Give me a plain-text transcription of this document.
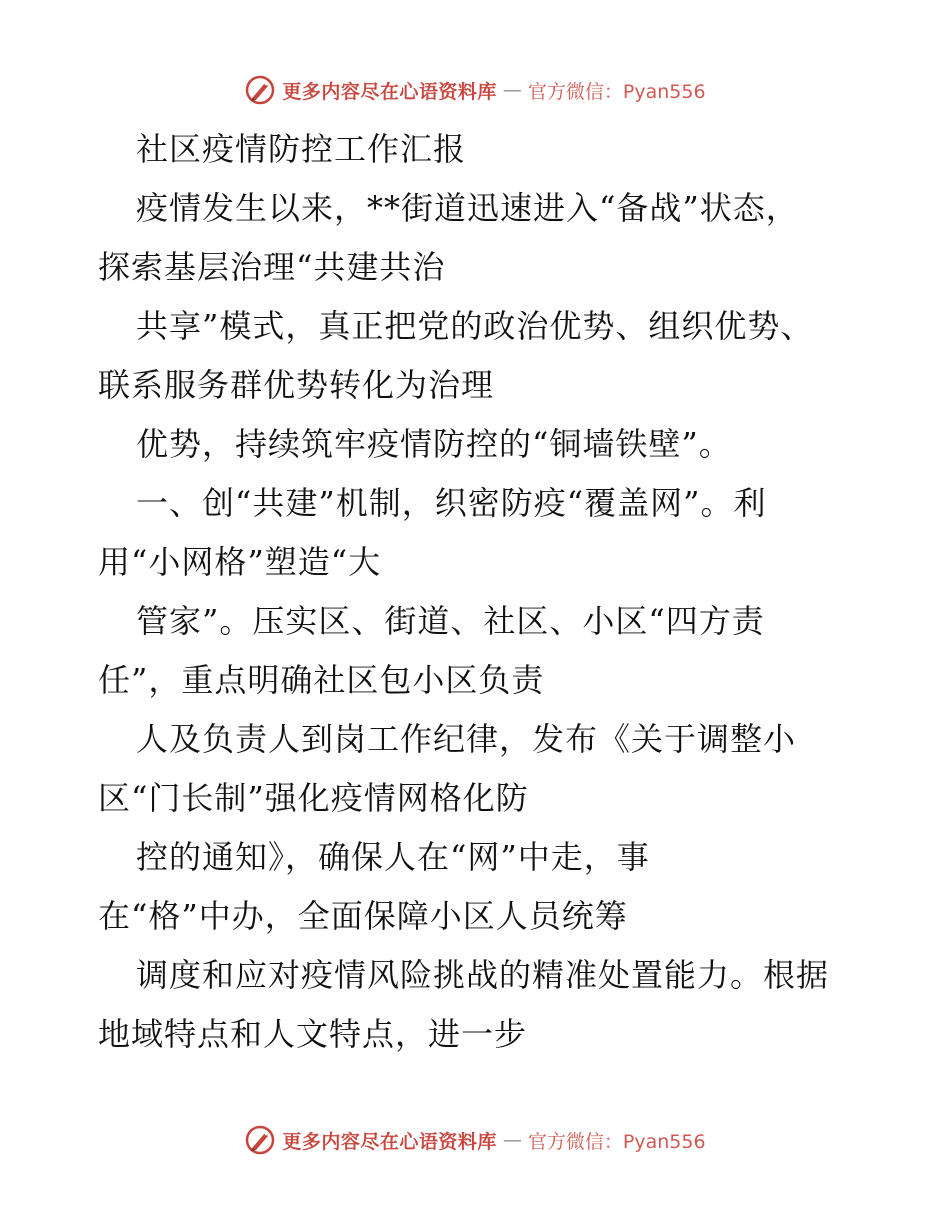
更多内容尽在心语资料库 — 官方微信：Pyan556
社区疫情防控工作汇报
疫情发生以来，**街道迅速进入“备战”状态，
探索基层治理“共建共治
共享”模式，真正把党的政治优势、组织优势、
联系服务群优势转化为治理
优势，持续筑牢疫情防控的“铜墙铁壁”。
一、创“共建”机制，织密防疫“覆盖网”。利
用“小网格”塑造“大
管家”。压实区、街道、社区、小区“四方责
任”，重点明确社区包小区负责
人及负责人到岗工作纪律，发布《关于调整小
区“门长制”强化疫情网格化防
控的通知》，确保人在“网”中走，事
在“格”中办，全面保障小区人员统筹
调度和应对疫情风险挑战的精准处置能力。根据
地域特点和人文特点，进一步
更多内容尽在心语资料库 — 官方微信：Pyan556
